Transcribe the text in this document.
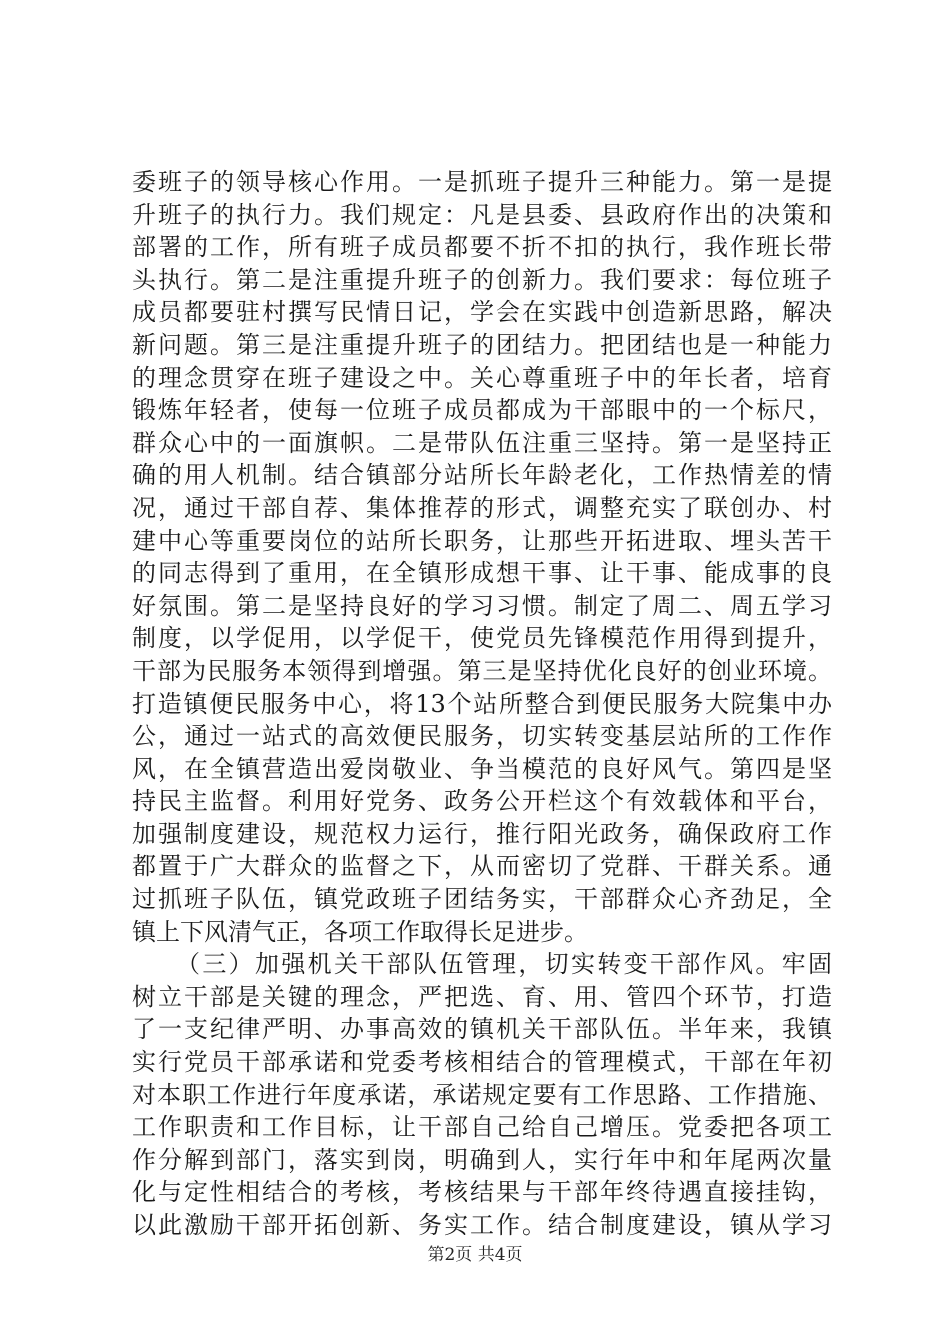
委班子的领导核心作用。一是抓班子提升三种能力。第一是提
升班子的执行力。我们规定：凡是县委、县政府作出的决策和
部署的工作，所有班子成员都要不折不扣的执行，我作班长带
头执行。第二是注重提升班子的创新力。我们要求：每位班子
成员都要驻村撰写民情日记，学会在实践中创造新思路，解决
新问题。第三是注重提升班子的团结力。把团结也是一种能力
的理念贯穿在班子建设之中。关心尊重班子中的年长者，培育
锻炼年轻者，使每一位班子成员都成为干部眼中的一个标尺，
群众心中的一面旗帜。二是带队伍注重三坚持。第一是坚持正
确的用人机制。结合镇部分站所长年龄老化，工作热情差的情
况，通过干部自荐、集体推荐的形式，调整充实了联创办、村
建中心等重要岗位的站所长职务，让那些开拓进取、埋头苦干
的同志得到了重用，在全镇形成想干事、让干事、能成事的良
好氛围。第二是坚持良好的学习习惯。制定了周二、周五学习
制度，以学促用，以学促干，使党员先锋模范作用得到提升，
干部为民服务本领得到增强。第三是坚持优化良好的创业环境。
打造镇便民服务中心，将13个站所整合到便民服务大院集中办
公，通过一站式的高效便民服务，切实转变基层站所的工作作
风，在全镇营造出爱岗敬业、争当模范的良好风气。第四是坚
持民主监督。利用好党务、政务公开栏这个有效载体和平台，
加强制度建设，规范权力运行，推行阳光政务，确保政府工作
都置于广大群众的监督之下，从而密切了党群、干群关系。通
过抓班子队伍，镇党政班子团结务实，干部群众心齐劲足，全
镇上下风清气正，各项工作取得长足进步。
（三）加强机关干部队伍管理，切实转变干部作风。牢固
树立干部是关键的理念，严把选、育、用、管四个环节，打造
了一支纪律严明、办事高效的镇机关干部队伍。半年来，我镇
实行党员干部承诺和党委考核相结合的管理模式，干部在年初
对本职工作进行年度承诺，承诺规定要有工作思路、工作措施、
工作职责和工作目标，让干部自己给自己增压。党委把各项工
作分解到部门，落实到岗，明确到人，实行年中和年尾两次量
化与定性相结合的考核，考核结果与干部年终待遇直接挂钩，
以此激励干部开拓创新、务实工作。结合制度建设，镇从学习
第2页 共4页
